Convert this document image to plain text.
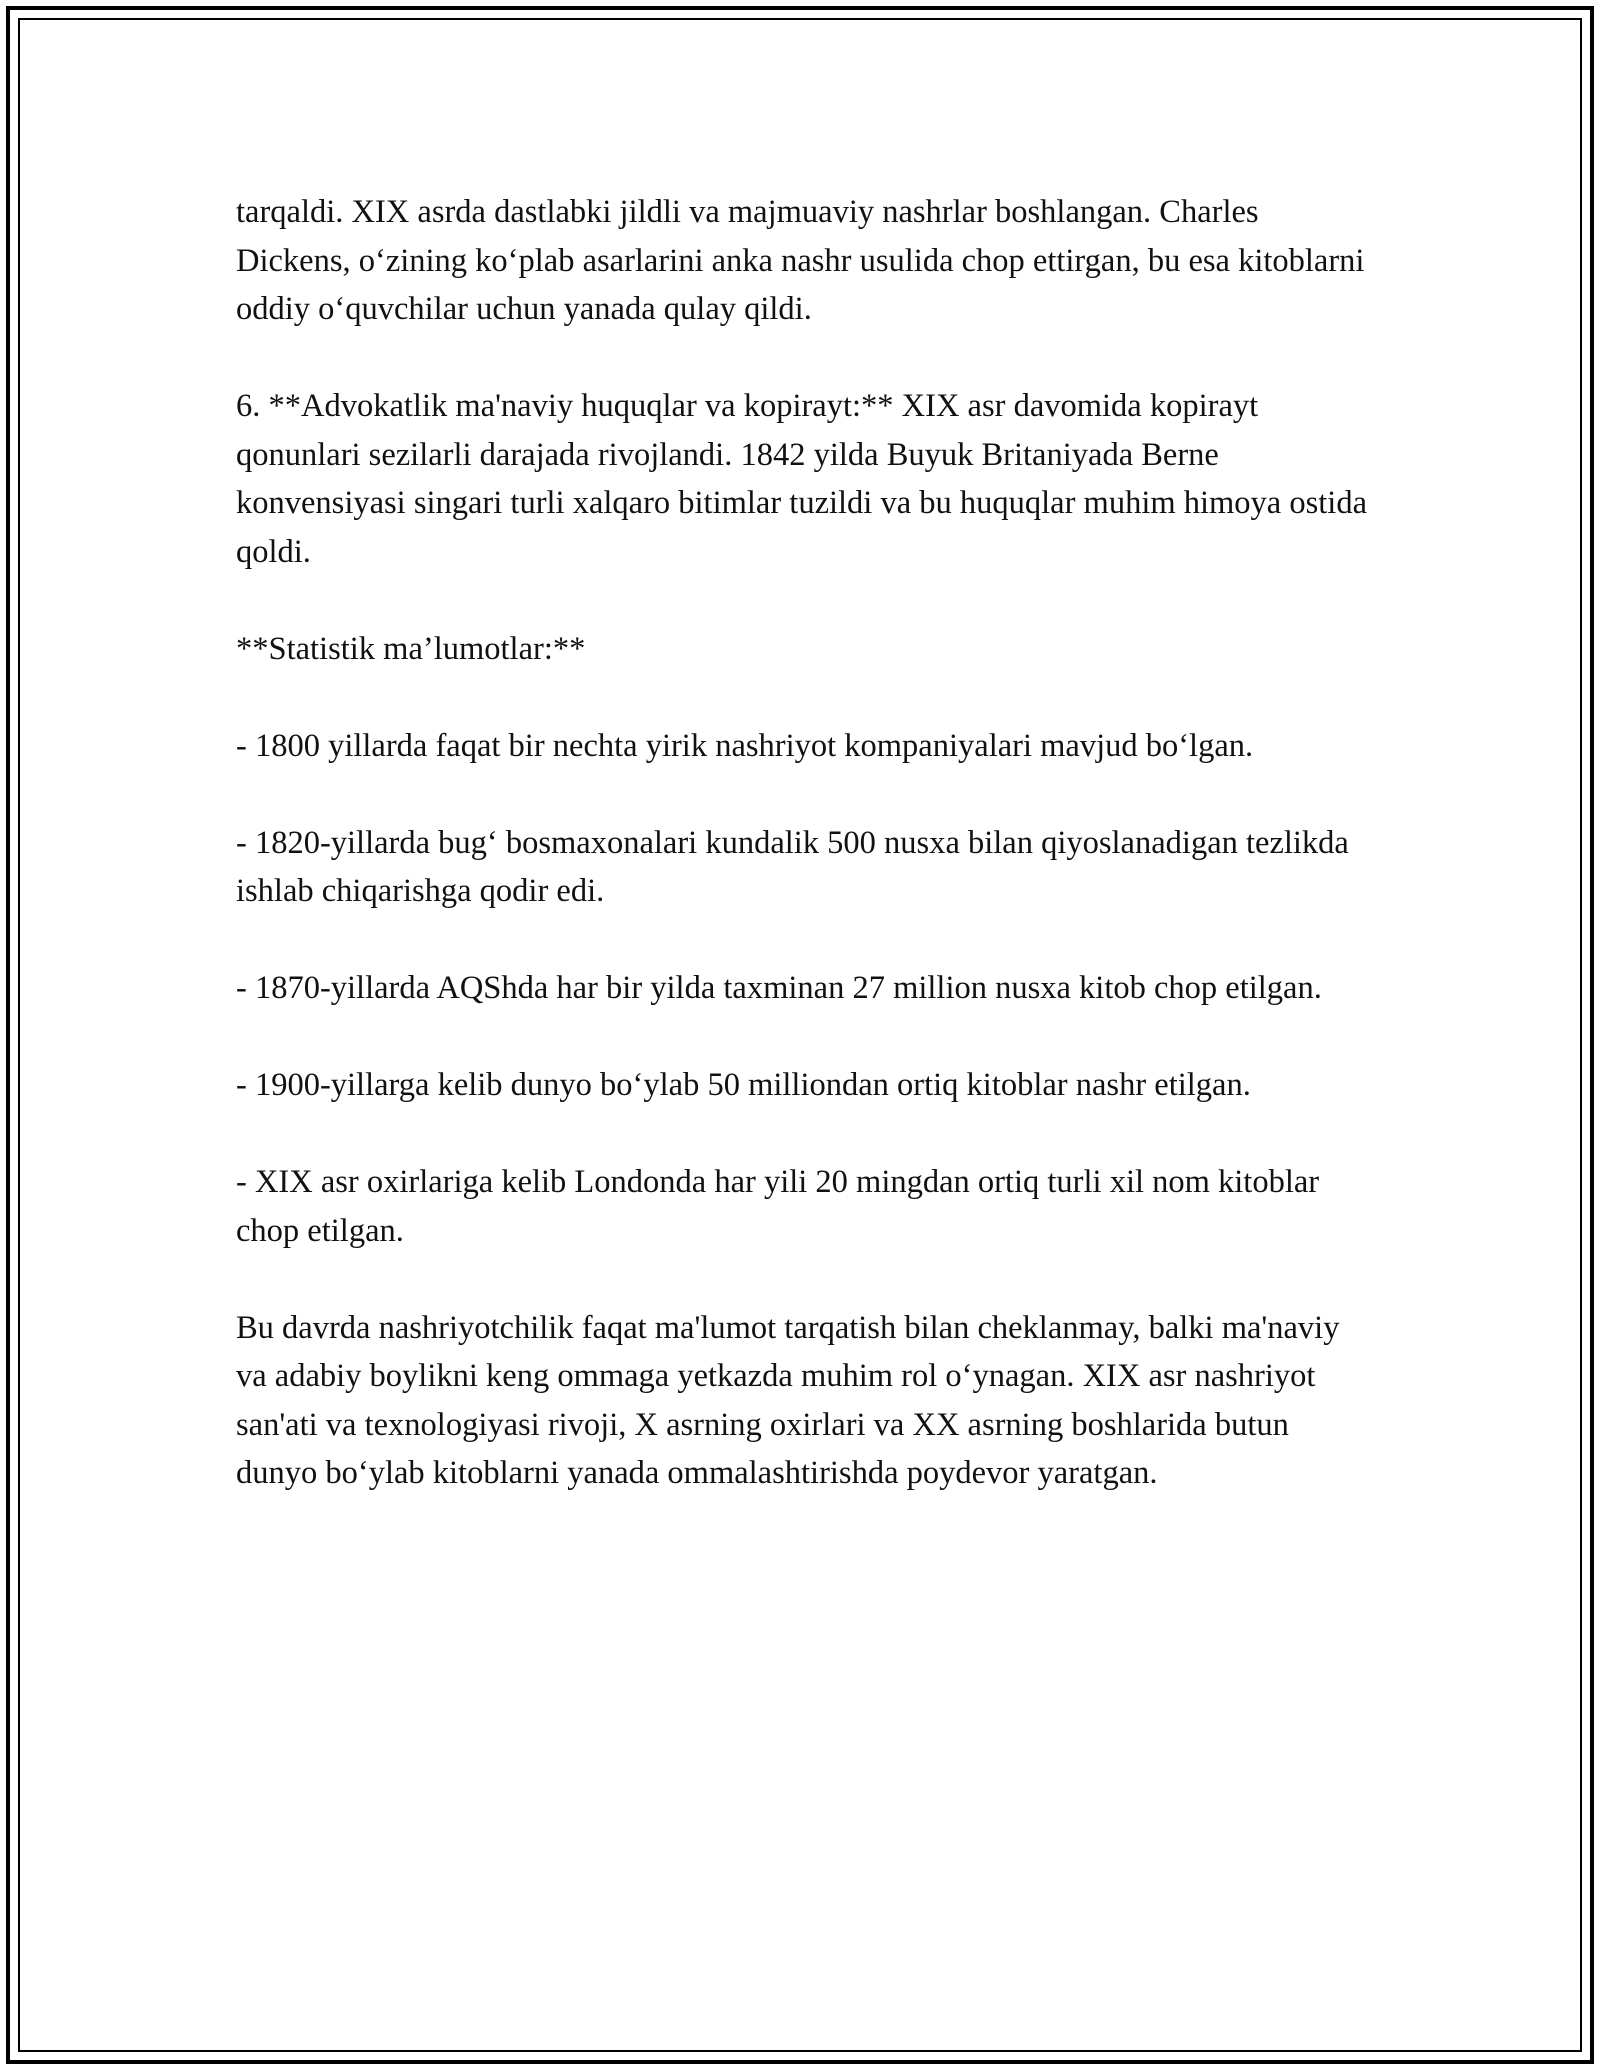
tarqaldi. XIX asrda dastlabki jildli va majmuaviy nashrlar boshlangan. Charles Dickens, o‘zining ko‘plab asarlarini anka nashr usulida chop ettirgan, bu esa kitoblarni oddiy o‘quvchilar uchun yanada qulay qildi.

6. **Advokatlik ma'naviy huquqlar va kopirayt:** XIX asr davomida kopirayt qonunlari sezilarli darajada rivojlandi. 1842 yilda Buyuk Britaniyada Berne konvensiyasi singari turli xalqaro bitimlar tuzildi va bu huquqlar muhim himoya ostida qoldi.

**Statistik ma’lumotlar:**

- 1800 yillarda faqat bir nechta yirik nashriyot kompaniyalari mavjud bo‘lgan.

- 1820-yillarda bug‘ bosmaxonalari kundalik 500 nusxa bilan qiyoslanadigan tezlikda ishlab chiqarishga qodir edi.

- 1870-yillarda AQShda har bir yilda taxminan 27 million nusxa kitob chop etilgan.

- 1900-yillarga kelib dunyo bo‘ylab 50 milliondan ortiq kitoblar nashr etilgan.

- XIX asr oxirlariga kelib Londonda har yili 20 mingdan ortiq turli xil nom kitoblar chop etilgan.

Bu davrda nashriyotchilik faqat ma'lumot tarqatish bilan cheklanmay, balki ma'naviy va adabiy boylikni keng ommaga yetkazda muhim rol o‘ynagan. XIX asr nashriyot san'ati va texnologiyasi rivoji, X asrning oxirlari va XX asrning boshlarida butun dunyo bo‘ylab kitoblarni yanada ommalashtirishda poydevor yaratgan.
